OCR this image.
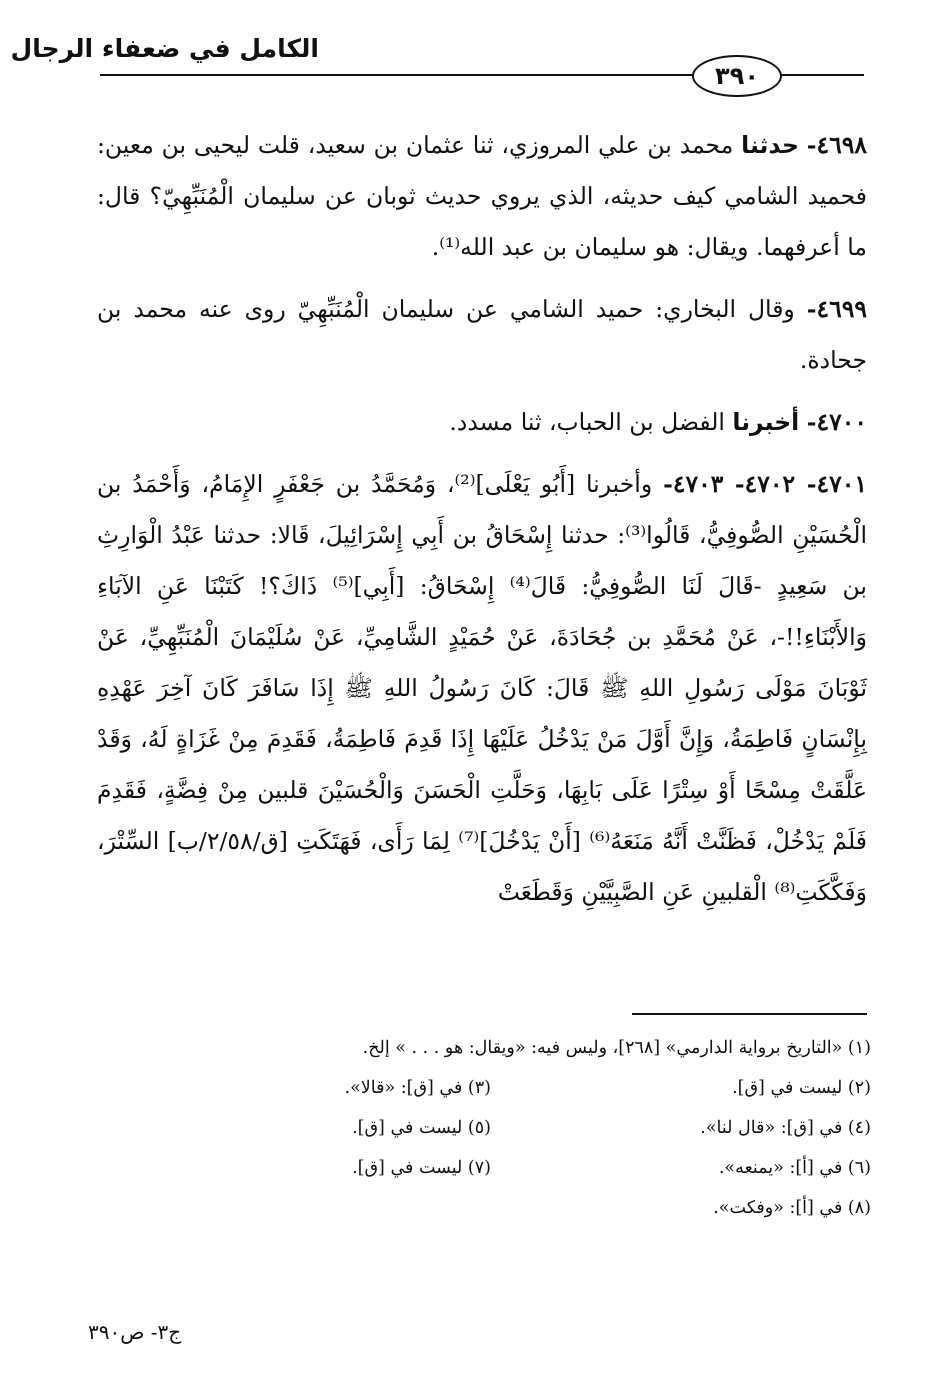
الكامل في ضعفاء الرجال
٣٩٠

٤٦٩٨- حدثنا محمد بن علي المروزي، ثنا عثمان بن سعيد، قلت ليحيى بن معين: فحميد الشامي كيف حديثه، الذي يروي حديث ثوبان عن سليمان الْمُنَبِّهِيّ؟ قال: ما أعرفهما. ويقال: هو سليمان بن عبد الله⁽¹⁾.

٤٦٩٩- وقال البخاري: حميد الشامي عن سليمان الْمُنَبِّهِيّ روى عنه محمد بن جحادة.

٤٧٠٠- أخبرنا الفضل بن الحباب، ثنا مسدد.

٤٧٠١- ٤٧٠٢- ٤٧٠٣- وأخبرنا [أَبُو يَعْلَى]⁽²⁾، وَمُحَمَّدُ بن جَعْفَرٍ الإِمَامُ، وَأَحْمَدُ بن الْحُسَيْنِ الصُّوفِيُّ، قَالُوا⁽³⁾: حدثنا إِسْحَاقُ بن أَبِي إِسْرَائِيلَ، قَالا: حدثنا عَبْدُ الْوَارِثِ بن سَعِيدٍ -قَالَ لَنَا الصُّوفِيُّ: قَالَ⁽⁴⁾ إِسْحَاقُ: [أَبِي]⁽⁵⁾ ذَاكَ؟! كَتَبْنَا عَنِ الآبَاءِ وَالأَبْنَاءِ!!-، عَنْ مُحَمَّدِ بن جُحَادَةَ، عَنْ حُمَيْدٍ الشَّامِيِّ، عَنْ سُلَيْمَانَ الْمُنَبِّهِيِّ، عَنْ ثَوْبَانَ مَوْلَى رَسُولِ اللهِ ﷺ قَالَ: كَانَ رَسُولُ اللهِ ﷺ إِذَا سَافَرَ كَانَ آخِرَ عَهْدِهِ بِإِنْسَانٍ فَاطِمَةُ، وَإِنَّ أَوَّلَ مَنْ يَدْخُلُ عَلَيْهَا إِذَا قَدِمَ فَاطِمَةُ، فَقَدِمَ مِنْ غَزَاةٍ لَهُ، وَقَدْ عَلَّقَتْ مِسْحًا أَوْ سِتْرًا عَلَى بَابِهَا، وَحَلَّتِ الْحَسَنَ وَالْحُسَيْنَ قلبين مِنْ فِضَّةٍ، فَقَدِمَ فَلَمْ يَدْخُلْ، فَظَنَّتْ أَنَّهُ مَنَعَهُ⁽⁶⁾ [أَنْ يَدْخُلَ]⁽⁷⁾ لِمَا رَأَى، فَهَتَكَتِ [ق/٢/٥٨/ب] السِّتْرَ، وَفَكَّكَتِ⁽⁸⁾ الْقلبينِ عَنِ الصَّبِيَّيْنِ وَقَطَعَتْ

(١) «التاريخ برواية الدارمي» [٢٦٨]، وليس فيه: «ويقال: هو . . . » إلخ.
(٢) ليست في [ق].
(٣) في [ق]: «قالا».
(٤) في [ق]: «قال لنا».
(٥) ليست في [ق].
(٦) في [أ]: «يمنعه».
(٧) ليست في [ق].
(٨) في [أ]: «وفكت».
ج٣- ص٣٩٠
